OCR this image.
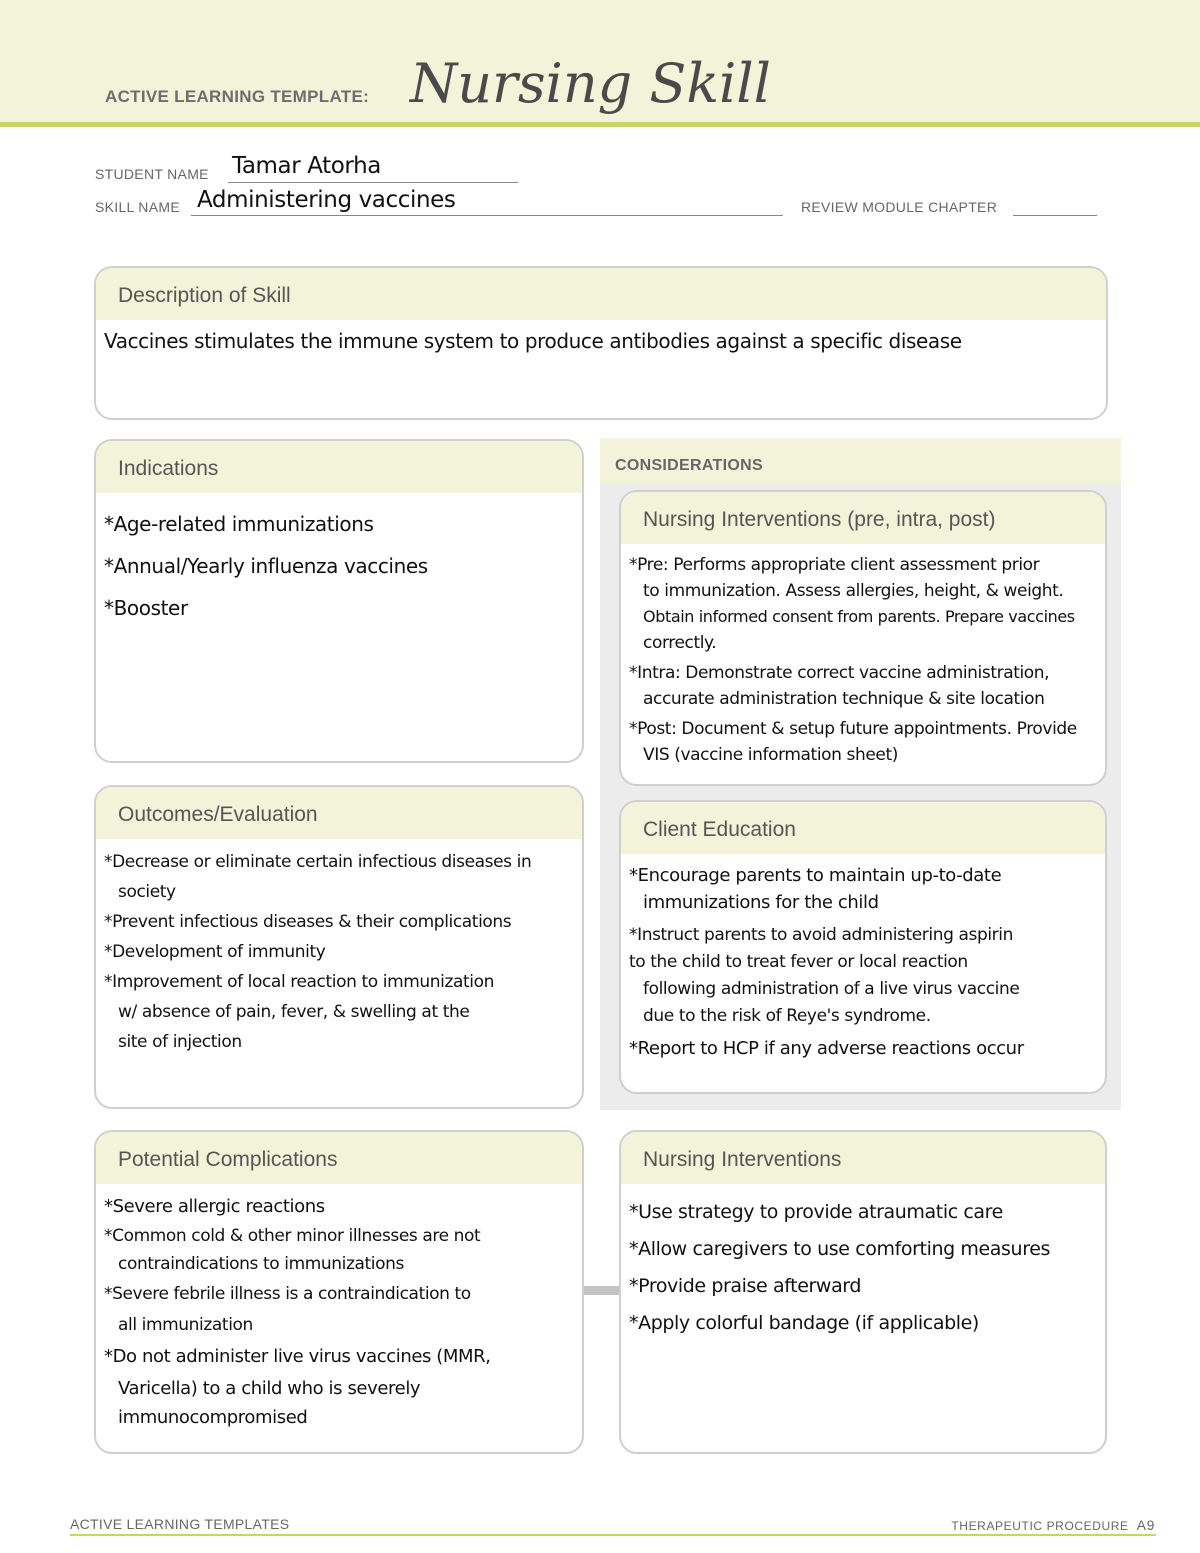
ACTIVE LEARNING TEMPLATE: Nursing Skill
STUDENT NAME Tamar Atorha
SKILL NAME Administering vaccines	REVIEW MODULE CHAPTER
Description of Skill
Vaccines stimulates the immune system to produce antibodies against a specific disease
CONSIDERATIONS
Indications
*Age-related immunizations
*Annual/Yearly influenza vaccines
*Booster
Nursing Interventions (pre, intra, post)
*Pre: Performs appropriate client assessment prior
to immunization. Assess allergies, height, & weight.
Obtain informed consent from parents. Prepare vaccines
correctly.
*Intra: Demonstrate correct vaccine administration,
accurate administration technique & site location
*Post: Document & setup future appointments. Provide
VIS (vaccine information sheet)
Outcomes/Evaluation
*Decrease or eliminate certain infectious diseases in
society
*Prevent infectious diseases & their complications
*Development of immunity
*Improvement of local reaction to immunization
w/ absence of pain, fever, & swelling at the
site of injection
Client Education
*Encourage parents to maintain up-to-date
immunizations for the child
*Instruct parents to avoid administering aspirin
to the child to treat fever or local reaction
following administration of a live virus vaccine
due to the risk of Reye's syndrome.
*Report to HCP if any adverse reactions occur
Potential Complications
*Severe allergic reactions
*Common cold & other minor illnesses are not
contraindications to immunizations
*Severe febrile illness is a contraindication to
all immunization
*Do not administer live virus vaccines (MMR,
Varicella) to a child who is severely
immunocompromised
Nursing Interventions
*Use strategy to provide atraumatic care
*Allow caregivers to use comforting measures
*Provide praise afterward
*Apply colorful bandage (if applicable)
ACTIVE LEARNING TEMPLATES	THERAPEUTIC PROCEDURE A9
